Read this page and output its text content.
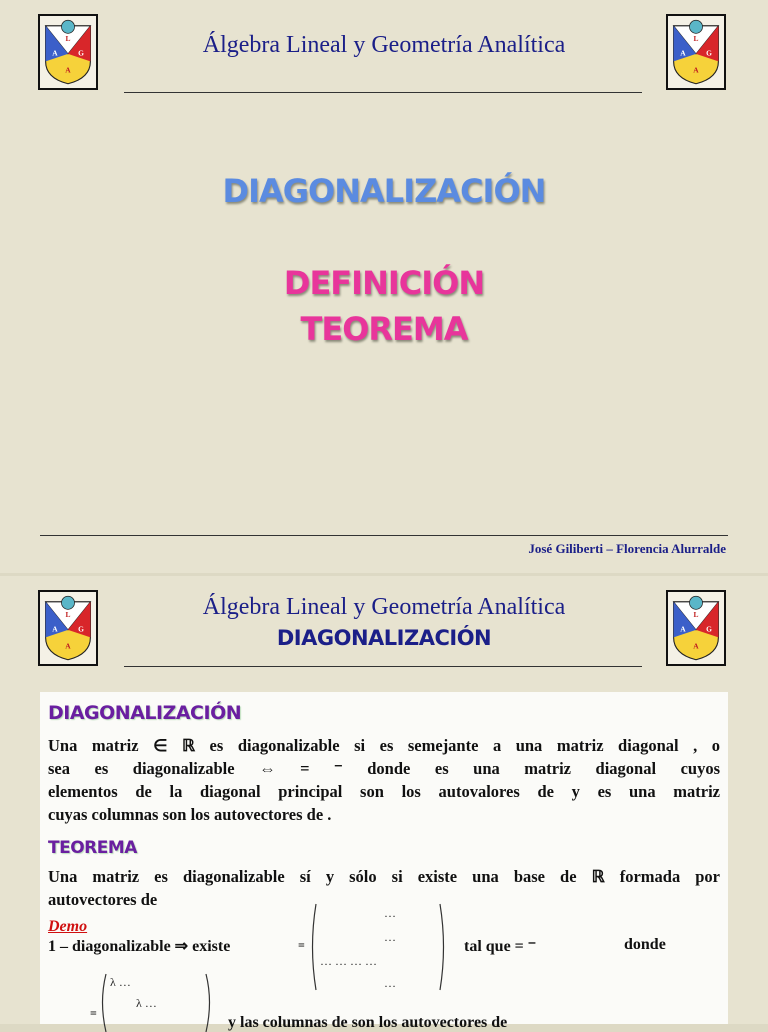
L
A	G
A
L
A	G
A
Álgebra Lineal y Geometría Analítica
DIAGONALIZACIÓN
DEFINICIÓN
TEOREMA
José Giliberti – Florencia Alurralde
L
A	G
A
L
A	G
A
Álgebra Lineal y Geometría Analítica
DIAGONALIZACIÓN
DIAGONALIZACIÓN
Una matriz ∈ ℝ es diagonalizable si es semejante a una matriz diagonal , o
sea es diagonalizable ⇔ = ⁻ donde es una matriz diagonal cuyos
elementos de la diagonal principal son los autovalores de y es una matriz
cuyas columnas son los autovectores de .
TEOREMA
Una matriz es diagonalizable sí y sólo si existe una base de ℝ formada por
autovectores de
Demo
1 – diagonalizable ⇒ existe	=
…
…
… … … …
…
tal que = ⁻	donde
=
λ …
λ …
y las columnas de son los autovectores de
